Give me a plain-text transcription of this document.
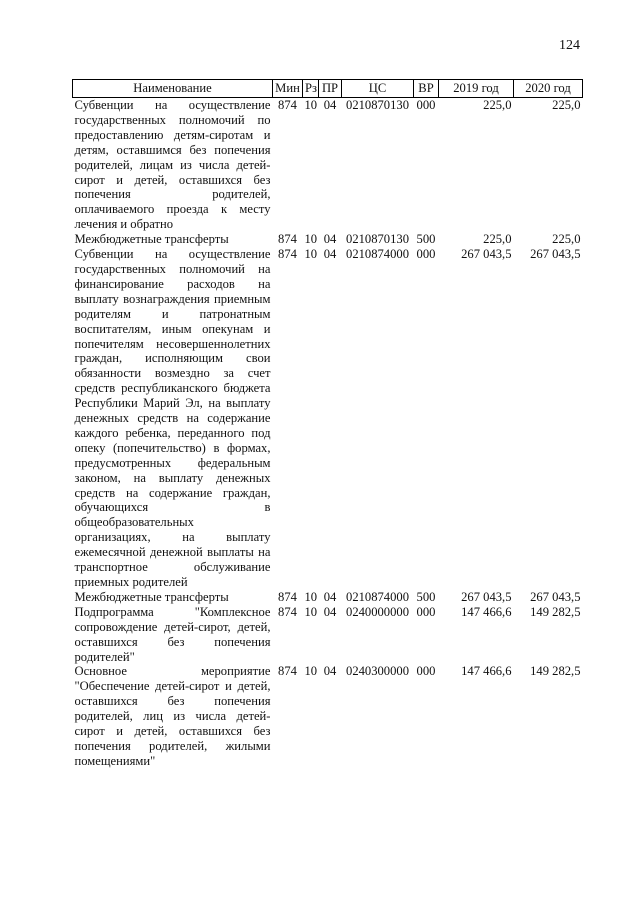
124
Наименование	Мин	Рз	ПР	ЦС	ВР	2019 год	2020 год
Субвенции на осуществление государственных полномочий по предоставлению детям-сиротам и детям, оставшимся без попечения родителей, лицам из числа детей-сирот и детей, оставшихся без попечения родителей, оплачиваемого проезда к месту лечения и обратно	874	10	04	0210870130	000	225,0	225,0
Межбюджетные трансферты	874	10	04	0210870130	500	225,0	225,0
Субвенции на осуществление государственных полномочий на финансирование расходов на выплату вознаграждения приемным родителям и патронатным воспитателям, иным опекунам и попечителям несовершеннолетних граждан, исполняющим свои обязанности возмездно за счет средств республиканского бюджета Республики Марий Эл, на выплату денежных средств на содержание каждого ребенка, переданного под опеку (попечительство) в формах, предусмотренных федеральным законом, на выплату денежных средств на содержание граждан, обучающихся в общеобразовательных организациях, на выплату ежемесячной денежной выплаты на транспортное обслуживание приемных родителей	874	10	04	0210874000	000	267 043,5	267 043,5
Межбюджетные трансферты	874	10	04	0210874000	500	267 043,5	267 043,5
Подпрограмма "Комплексное сопровождение детей-сирот, детей, оставшихся без попечения родителей"	874	10	04	0240000000	000	147 466,6	149 282,5
Основное мероприятие "Обеспечение детей-сирот и детей, оставшихся без попечения родителей, лиц из числа детей-сирот и детей, оставшихся без попечения родителей, жилыми помещениями"	874	10	04	0240300000	000	147 466,6	149 282,5
